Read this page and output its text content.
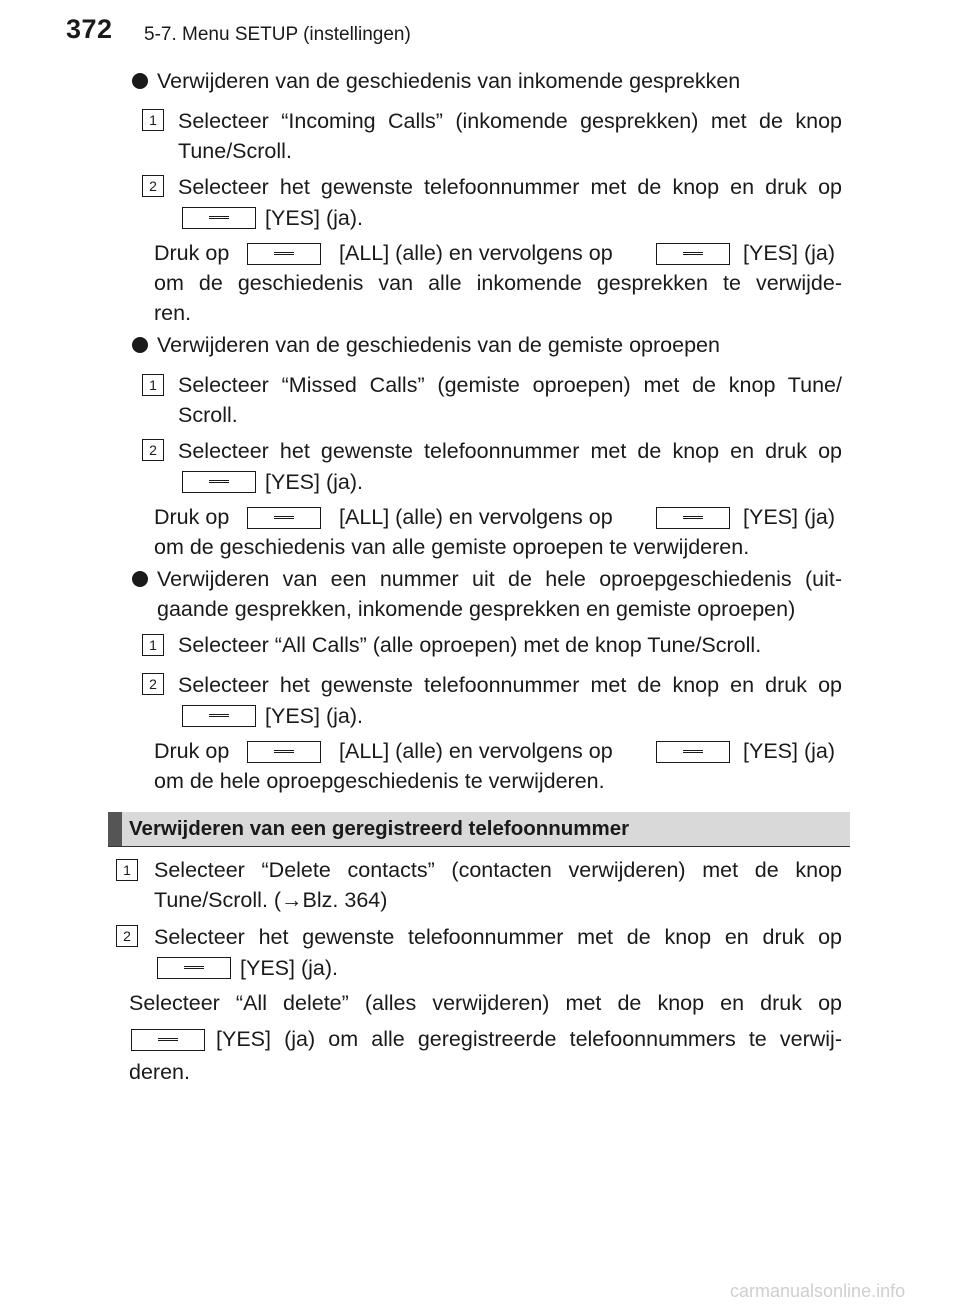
372 5-7. Menu SETUP (instellingen)
Verwijderen van de geschiedenis van inkomende gesprekken
1 Selecteer “Incoming Calls” (inkomende gesprekken) met de knop
Tune/Scroll.
2 Selecteer het gewenste telefoonnummer met de knop en druk op
[YES] (ja).
Druk op	[ALL] (alle) en vervolgens op	[YES] (ja)
om de geschiedenis van alle inkomende gesprekken te verwijde-
ren.
Verwijderen van de geschiedenis van de gemiste oproepen
1 Selecteer “Missed Calls” (gemiste oproepen) met de knop Tune/
Scroll.
2 Selecteer het gewenste telefoonnummer met de knop en druk op
[YES] (ja).
Druk op	[ALL] (alle) en vervolgens op	[YES] (ja)
om de geschiedenis van alle gemiste oproepen te verwijderen.
Verwijderen van een nummer uit de hele oproepgeschiedenis (uit-
gaande gesprekken, inkomende gesprekken en gemiste oproepen)
1 Selecteer “All Calls” (alle oproepen) met de knop Tune/Scroll.
2 Selecteer het gewenste telefoonnummer met de knop en druk op
[YES] (ja).
Druk op	[ALL] (alle) en vervolgens op	[YES] (ja)
om de hele oproepgeschiedenis te verwijderen.
Verwijderen van een geregistreerd telefoonnummer
1	Selecteer “Delete contacts” (contacten verwijderen) met de knop
Tune/Scroll. (→Blz. 364)
2	Selecteer het gewenste telefoonnummer met de knop en druk op
[YES] (ja).
Selecteer “All delete” (alles verwijderen) met de knop en druk op
[YES] (ja) om alle geregistreerde telefoonnummers te verwij-
deren.
carmanualsonline.info
